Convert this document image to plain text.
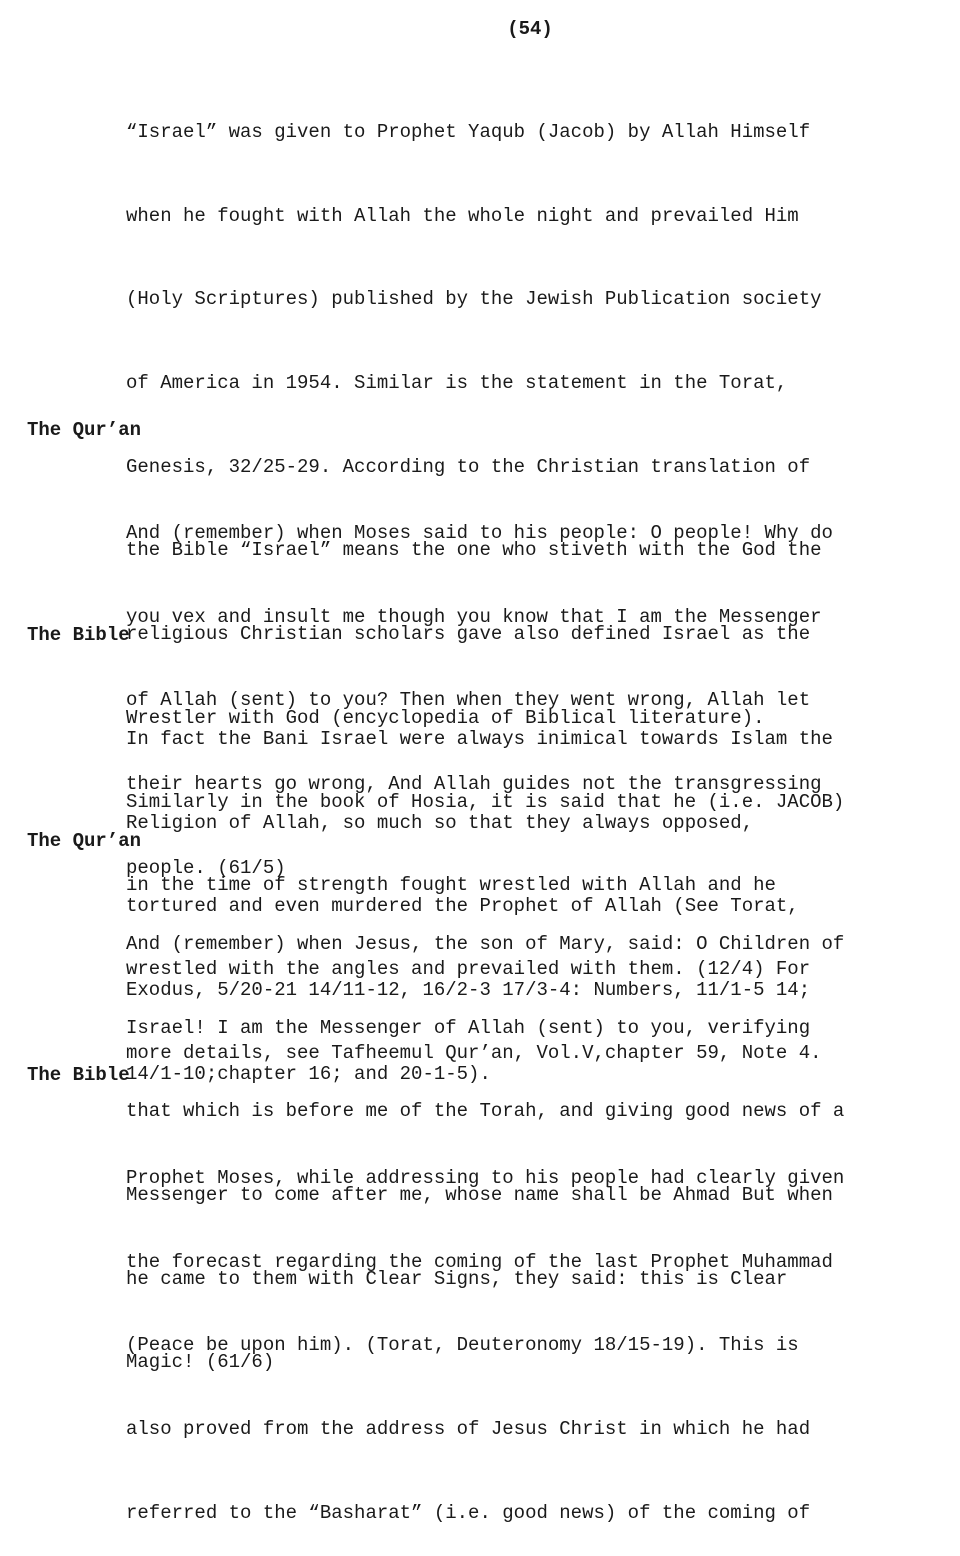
(54)

“Israel” was given to Prophet Yaqub (Jacob) by Allah Himself

when he fought with Allah the whole night and prevailed Him

(Holy Scriptures) published by the Jewish Publication society

of America in 1954. Similar is the statement in the Torat,

Genesis, 32/25-29. According to the Christian translation of

the Bible “Israel” means the one who stiveth with the God the

religious Christian scholars gave also defined Israel as the

Wrestler with God (encyclopedia of Biblical literature).

Similarly in the book of Hosia, it is said that he (i.e. JACOB)

in the time of strength fought wrestled with Allah and he

wrestled with the angles and prevailed with them. (12/4) For

more details, see Tafheemul Qur’an, Vol.V,chapter 59, Note 4.

The Qur’an

And (remember) when Moses said to his people: O people! Why do

you vex and insult me though you know that I am the Messenger

of Allah (sent) to you? Then when they went wrong, Allah let

their hearts go wrong, And Allah guides not the transgressing

people. (61/5)

The Bible

In fact the Bani Israel were always inimical towards Islam the

Religion of Allah, so much so that they always opposed,

tortured and even murdered the Prophet of Allah (See Torat,

Exodus, 5/20-21 14/11-12, 16/2-3 17/3-4: Numbers, 11/1-5 14;

14/1-10;chapter 16; and 20-1-5).

The Qur’an

And (remember) when Jesus, the son of Mary, said: O Children of

Israel! I am the Messenger of Allah (sent) to you, verifying

that which is before me of the Torah, and giving good news of a

Messenger to come after me, whose name shall be Ahmad But when

he came to them with Clear Signs, they said: this is Clear

Magic! (61/6)

The Bible

Prophet Moses, while addressing to his people had clearly given

the forecast regarding the coming of the last Prophet Muhammad

(Peace be upon him). (Torat, Deuteronomy 18/15-19). This is

also proved from the address of Jesus Christ in which he had

referred to the “Basharat” (i.e. good news) of the coming of
